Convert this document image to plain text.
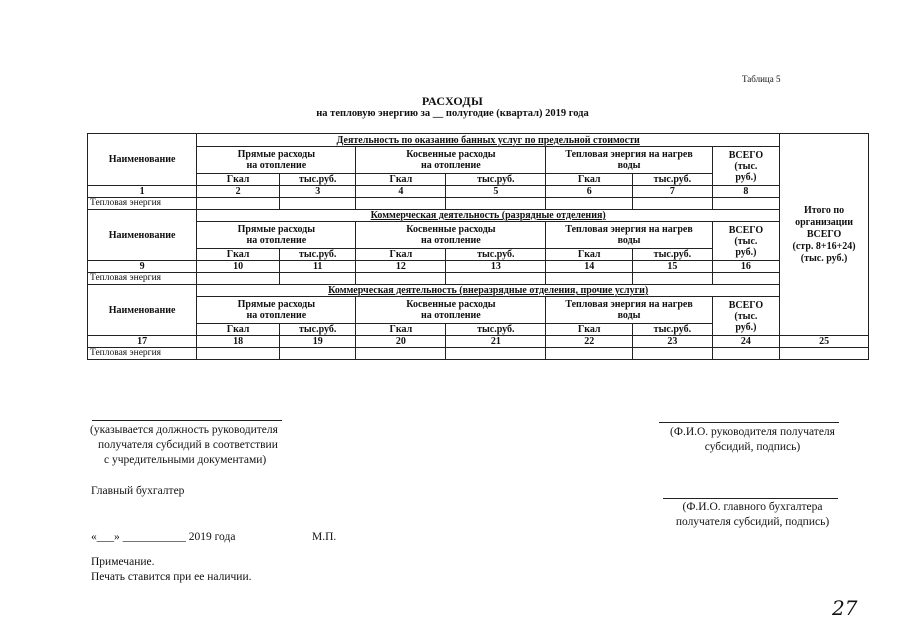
Таблица 5
РАСХОДЫ
на тепловую энергию за __ полугодие (квартал) 2019 года
Наименование	Деятельность по оказанию банных услуг по предельной стоимости							Итого по
организации
ВСЕГО
(стр. 8+16+24)
(тыс. руб.)
	Прямые расходы
на отопление		Косвенные расходы
на отопление		Тепловая энергия на нагрев
воды		ВСЕГО
(тыс.
руб.)	
	Гкал	тыс.руб.	Гкал	тыс.руб.	Гкал	тыс.руб.		
1	2	3	4	5	6	7	8	
Тепловая энергия								
Наименование	Коммерческая деятельность (разрядные отделения)							
	Прямые расходы
на отопление		Косвенные расходы
на отопление		Тепловая энергия на нагрев
воды		ВСЕГО
(тыс.
руб.)	
	Гкал	тыс.руб.	Гкал	тыс.руб.	Гкал	тыс.руб.		
9	10	11	12	13	14	15	16	
Тепловая энергия								
Наименование	Коммерческая деятельность (внеразрядные отделения, прочие услуги)							
	Прямые расходы
на отопление		Косвенные расходы
на отопление		Тепловая энергия на нагрев
воды		ВСЕГО
(тыс.
руб.)	
	Гкал	тыс.руб.	Гкал	тыс.руб.	Гкал	тыс.руб.		
17	18	19	20	21	22	23	24	25
Тепловая энергия								
(указывается должность руководителя
получателя субсидий в соответствии
с учредительными документами)
(Ф.И.О. руководителя получателя
субсидий, подпись)
Главный бухгалтер
(Ф.И.О. главного бухгалтера
получателя субсидий, подпись)
«___» ___________ 2019 года	М.П.
Примечание.
Печать ставится при ее наличии.
27
